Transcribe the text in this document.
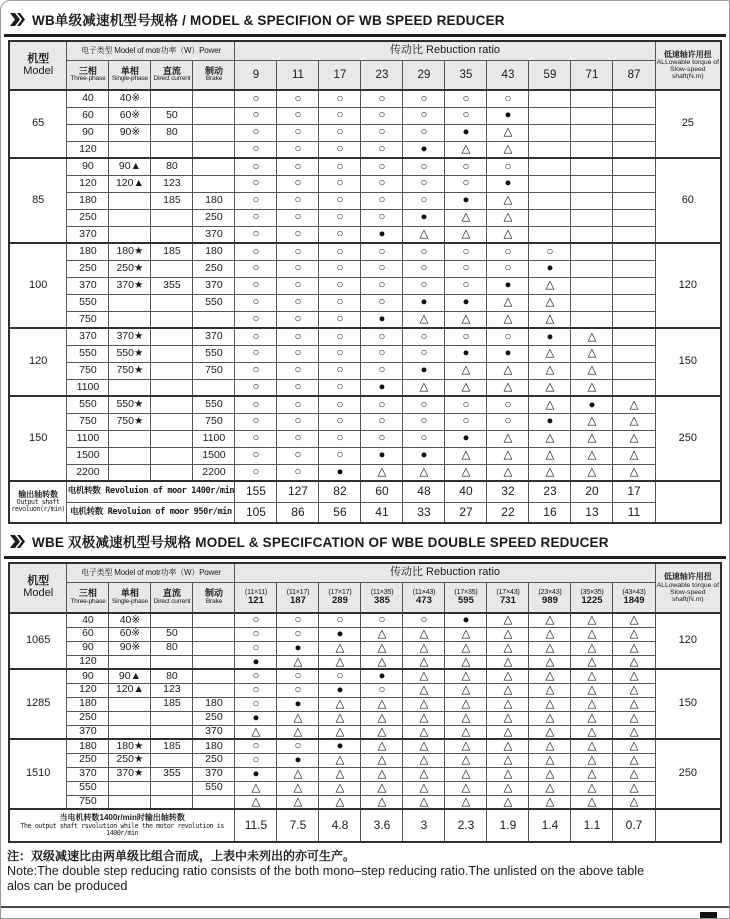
WB单级减速机型号规格 / MODEL & SPECIFION OF WB SPEED REDUCER
机型
Model
	电子类型 Model of motr功率（W）Power	传动比 Rebuction ratio	低速轴许用扭
ALLowable torque of
Slow-speed shaft(N.m)

三相
Three-phase

单相
Single-phase

直流
Direct current

制动
Brake	9	11	17	23	29	35	43	59	71	87
65	40	40※			○	○	○	○	○	○	○				25
	60	60※	50		○	○	○	○	○	○	●				
	90	90※	80		○	○	○	○	○	●	△				
	120				○	○	○	○	●	△	△				
85	90	90▲	80		○	○	○	○	○	○	○				60
	120	120▲	123		○	○	○	○	○	○	●				
	180		185	180	○	○	○	○	○	●	△				
	250			250	○	○	○	○	●	△	△				
	370			370	○	○	○	●	△	△	△				
100	180	180★	185	180	○	○	○	○	○	○	○	○			120
	250	250★		250	○	○	○	○	○	○	○	●			
	370	370★	355	370	○	○	○	○	○	○	●	△			
	550			550	○	○	○	○	●	●	△	△			
	750				○	○	○	●	△	△	△	△			
120	370	370★		370	○	○	○	○	○	○	○	●	△		150
	550	550★		550	○	○	○	○	○	●	●	△	△		
	750	750★		750	○	○	○	○	●	△	△	△	△		
	1100				○	○	○	●	△	△	△	△	△		
150	550	550★		550	○	○	○	○	○	○	○	△	●	△	250
	750	750★		750	○	○	○	○	○	○	○	●	△	△	
	1100			1100	○	○	○	○	○	●	△	△	△	△	
	1500			1500	○	○	○	●	●	△	△	△	△	△	
	2200			2200	○	○	●	△	△	△	△	△	△	△	

输出轴转数
Output shaft revoluon(r/min)	电机转数 Revoluion of moor 1400r/min				155	127	82	60	48	40	32	23	20	17	
	电机转数 Revoluion of moor 950r/min				105	86	56	41	33	27	22	16	13	11	
WBE 双极减速机型号规格 MODEL & SPECIFCATION OF WBE DOUBLE SPEED REDUCER
机型
Model
	电子类型 Model of motr功率（W）Power	传动比 Rebuction ratio	低速轴许用扭
ALLowable torque of
Slow-speed shaft(N.m)

三相
Three-phase

单相
Single-phase

直流
Direct current

制动
Brake

(11×11)
121

(11×17)
187

(17×17)
289

(11×35)
385

(11×43)
473

(17×35)
595

(17×43)
731

(23×43)
989

(35×35)
1225

(43×43)
1849

1065	40	40※			○	○	○	○	○	●	△	△	△	△	120
	60	60※	50		○	○	●	△	△	△	△	△	△	△	
	90	90※	80		○	●	△	△	△	△	△	△	△	△	
	120				●	△	△	△	△	△	△	△	△	△	
1285	90	90▲	80		○	○	○	●	△	△	△	△	△	△	150
	120	120▲	123		○	○	●	○	△	△	△	△	△	△	
	180		185	180	○	●	△	△	△	△	△	△	△	△	
	250			250	●	△	△	△	△	△	△	△	△	△	
	370			370	△	△	△	△	△	△	△	△	△	△	
1510	180	180★	185	180	○	○	●	△	△	△	△	△	△	△	250
	250	250★		250	○	●	△	△	△	△	△	△	△	△	
	370	370★	355	370	●	△	△	△	△	△	△	△	△	△	
	550			550	△	△	△	△	△	△	△	△	△	△	
	750				△	△	△	△	△	△	△	△	△	△	

当电机转数1400r/min时输出轴转数
The output shaft rsvolution while the motor revolution is 1400r/min					11.5	7.5	4.8	3.6	3	2.3	1.9	1.4	1.1	0.7	
注：双级减速比由两单级比组合而成，上表中未列出的亦可生产。
Note:The double step reducing ratio consists of the both mono–step reducing ratio.The unlisted on the above table
alos can be produced
